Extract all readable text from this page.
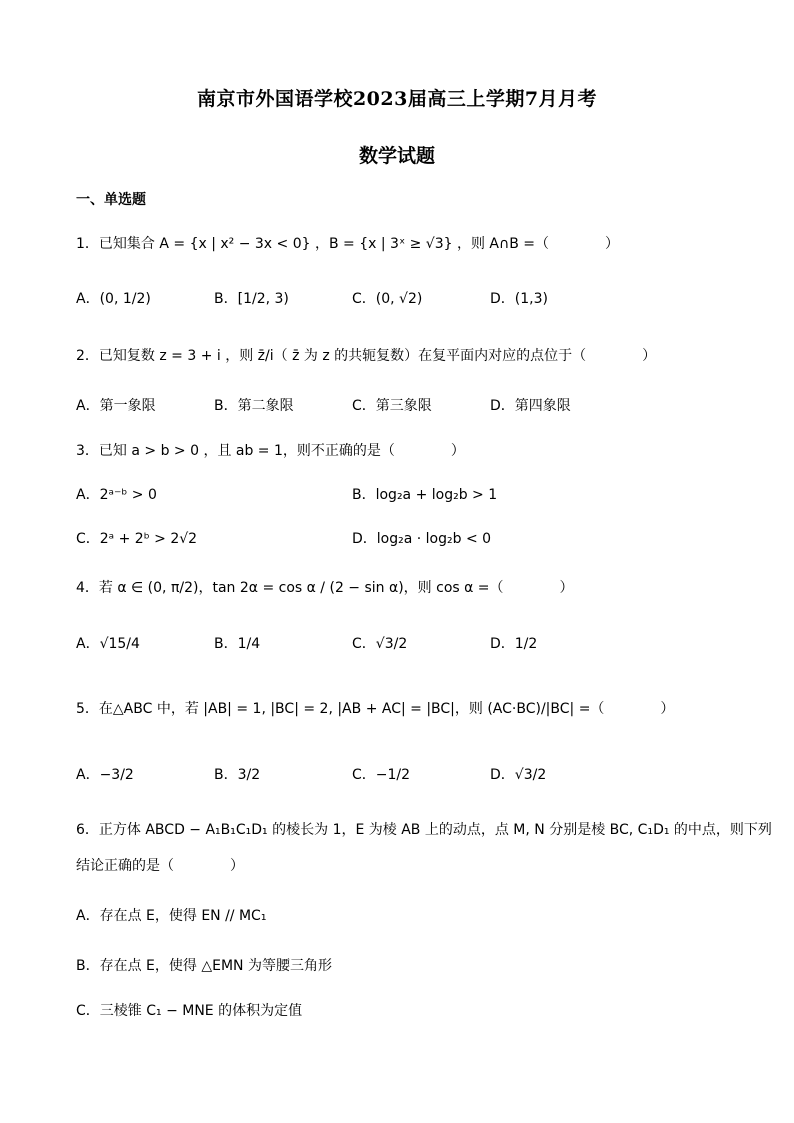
南京市外国语学校2023届高三上学期7月月考
数学试题
一、单选题
1．已知集合 A = {x | x² − 3x < 0} ，B = {x | 3ˣ ≥ √3} ，则 A∩B =（　　　　）
A．(0, 1/2)	B．[1/2, 3)	C．(0, √2)	D．(1,3)
2．已知复数 z = 3 + i ，则 z̄/i（ z̄ 为 z 的共轭复数）在复平面内对应的点位于（　　　　）
A．第一象限	B．第二象限	C．第三象限	D．第四象限
3．已知 a > b > 0 ，且 ab = 1，则不正确的是（　　　　）
A．2ᵃ⁻ᵇ > 0	B．log₂a + log₂b > 1
C．2ᵃ + 2ᵇ > 2√2	D．log₂a · log₂b < 0
4．若 α ∈ (0, π/2)，tan 2α = cos α / (2 − sin α)，则 cos α =（　　　　）
A．√15/4	B．1/4	C．√3/2	D．1/2
5．在△ABC 中，若 |AB| = 1, |BC| = 2, |AB + AC| = |BC|，则 (AC·BC)/|BC| =（　　　　）
A．−3/2	B．3/2	C．−1/2	D．√3/2
6．正方体 ABCD − A₁B₁C₁D₁ 的棱长为 1，E 为棱 AB 上的动点，点 M, N 分别是棱 BC, C₁D₁ 的中点，则下列
结论正确的是（　　　　）
A．存在点 E，使得 EN // MC₁
B．存在点 E，使得 △EMN 为等腰三角形
C．三棱锥 C₁ − MNE 的体积为定值
